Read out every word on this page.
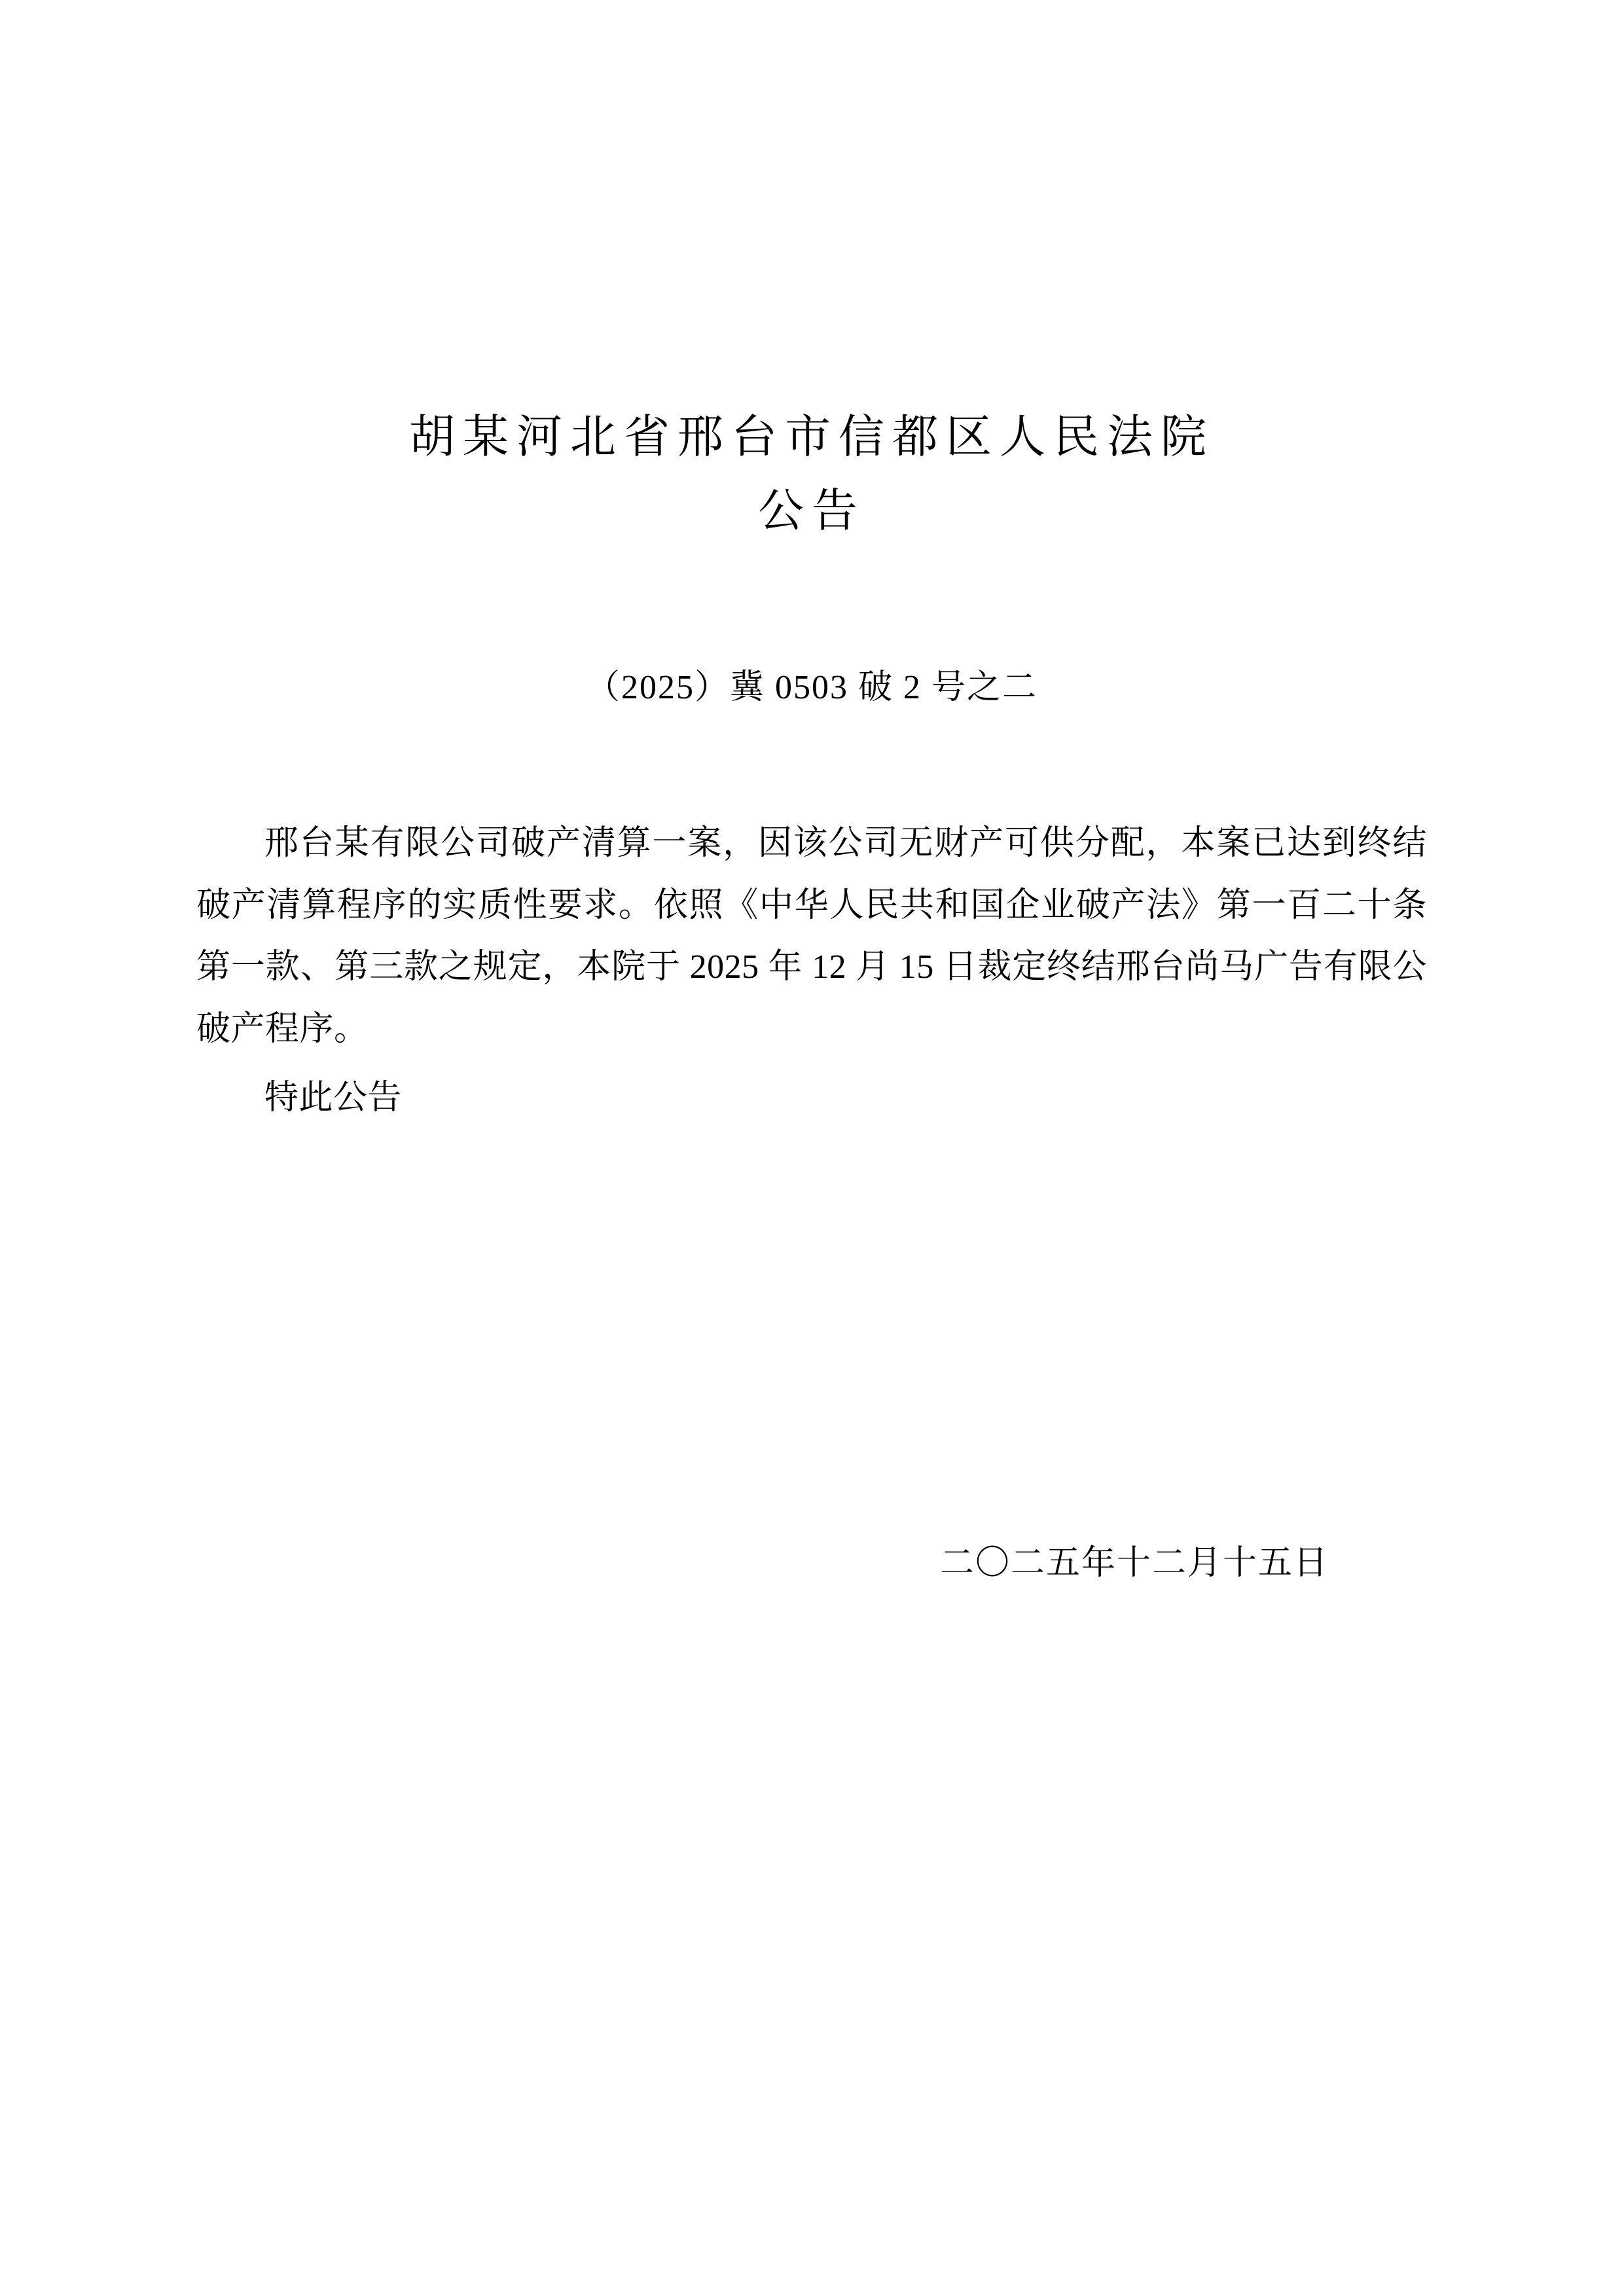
胡某河北省邢台市信都区人民法院
公告
（2025）冀 0503 破 2 号之二

邢台某有限公司破产清算一案，因该公司无财产可供分配，本案已达到终结破产清算程序的实质性要求。依照《中华人民共和国企业破产法》第一百二十条第一款、第三款之规定，本院于 2025 年 12 月 15 日裁定终结邢台尚马广告有限公破产程序。

特此公告

二〇二五年十二月十五日
